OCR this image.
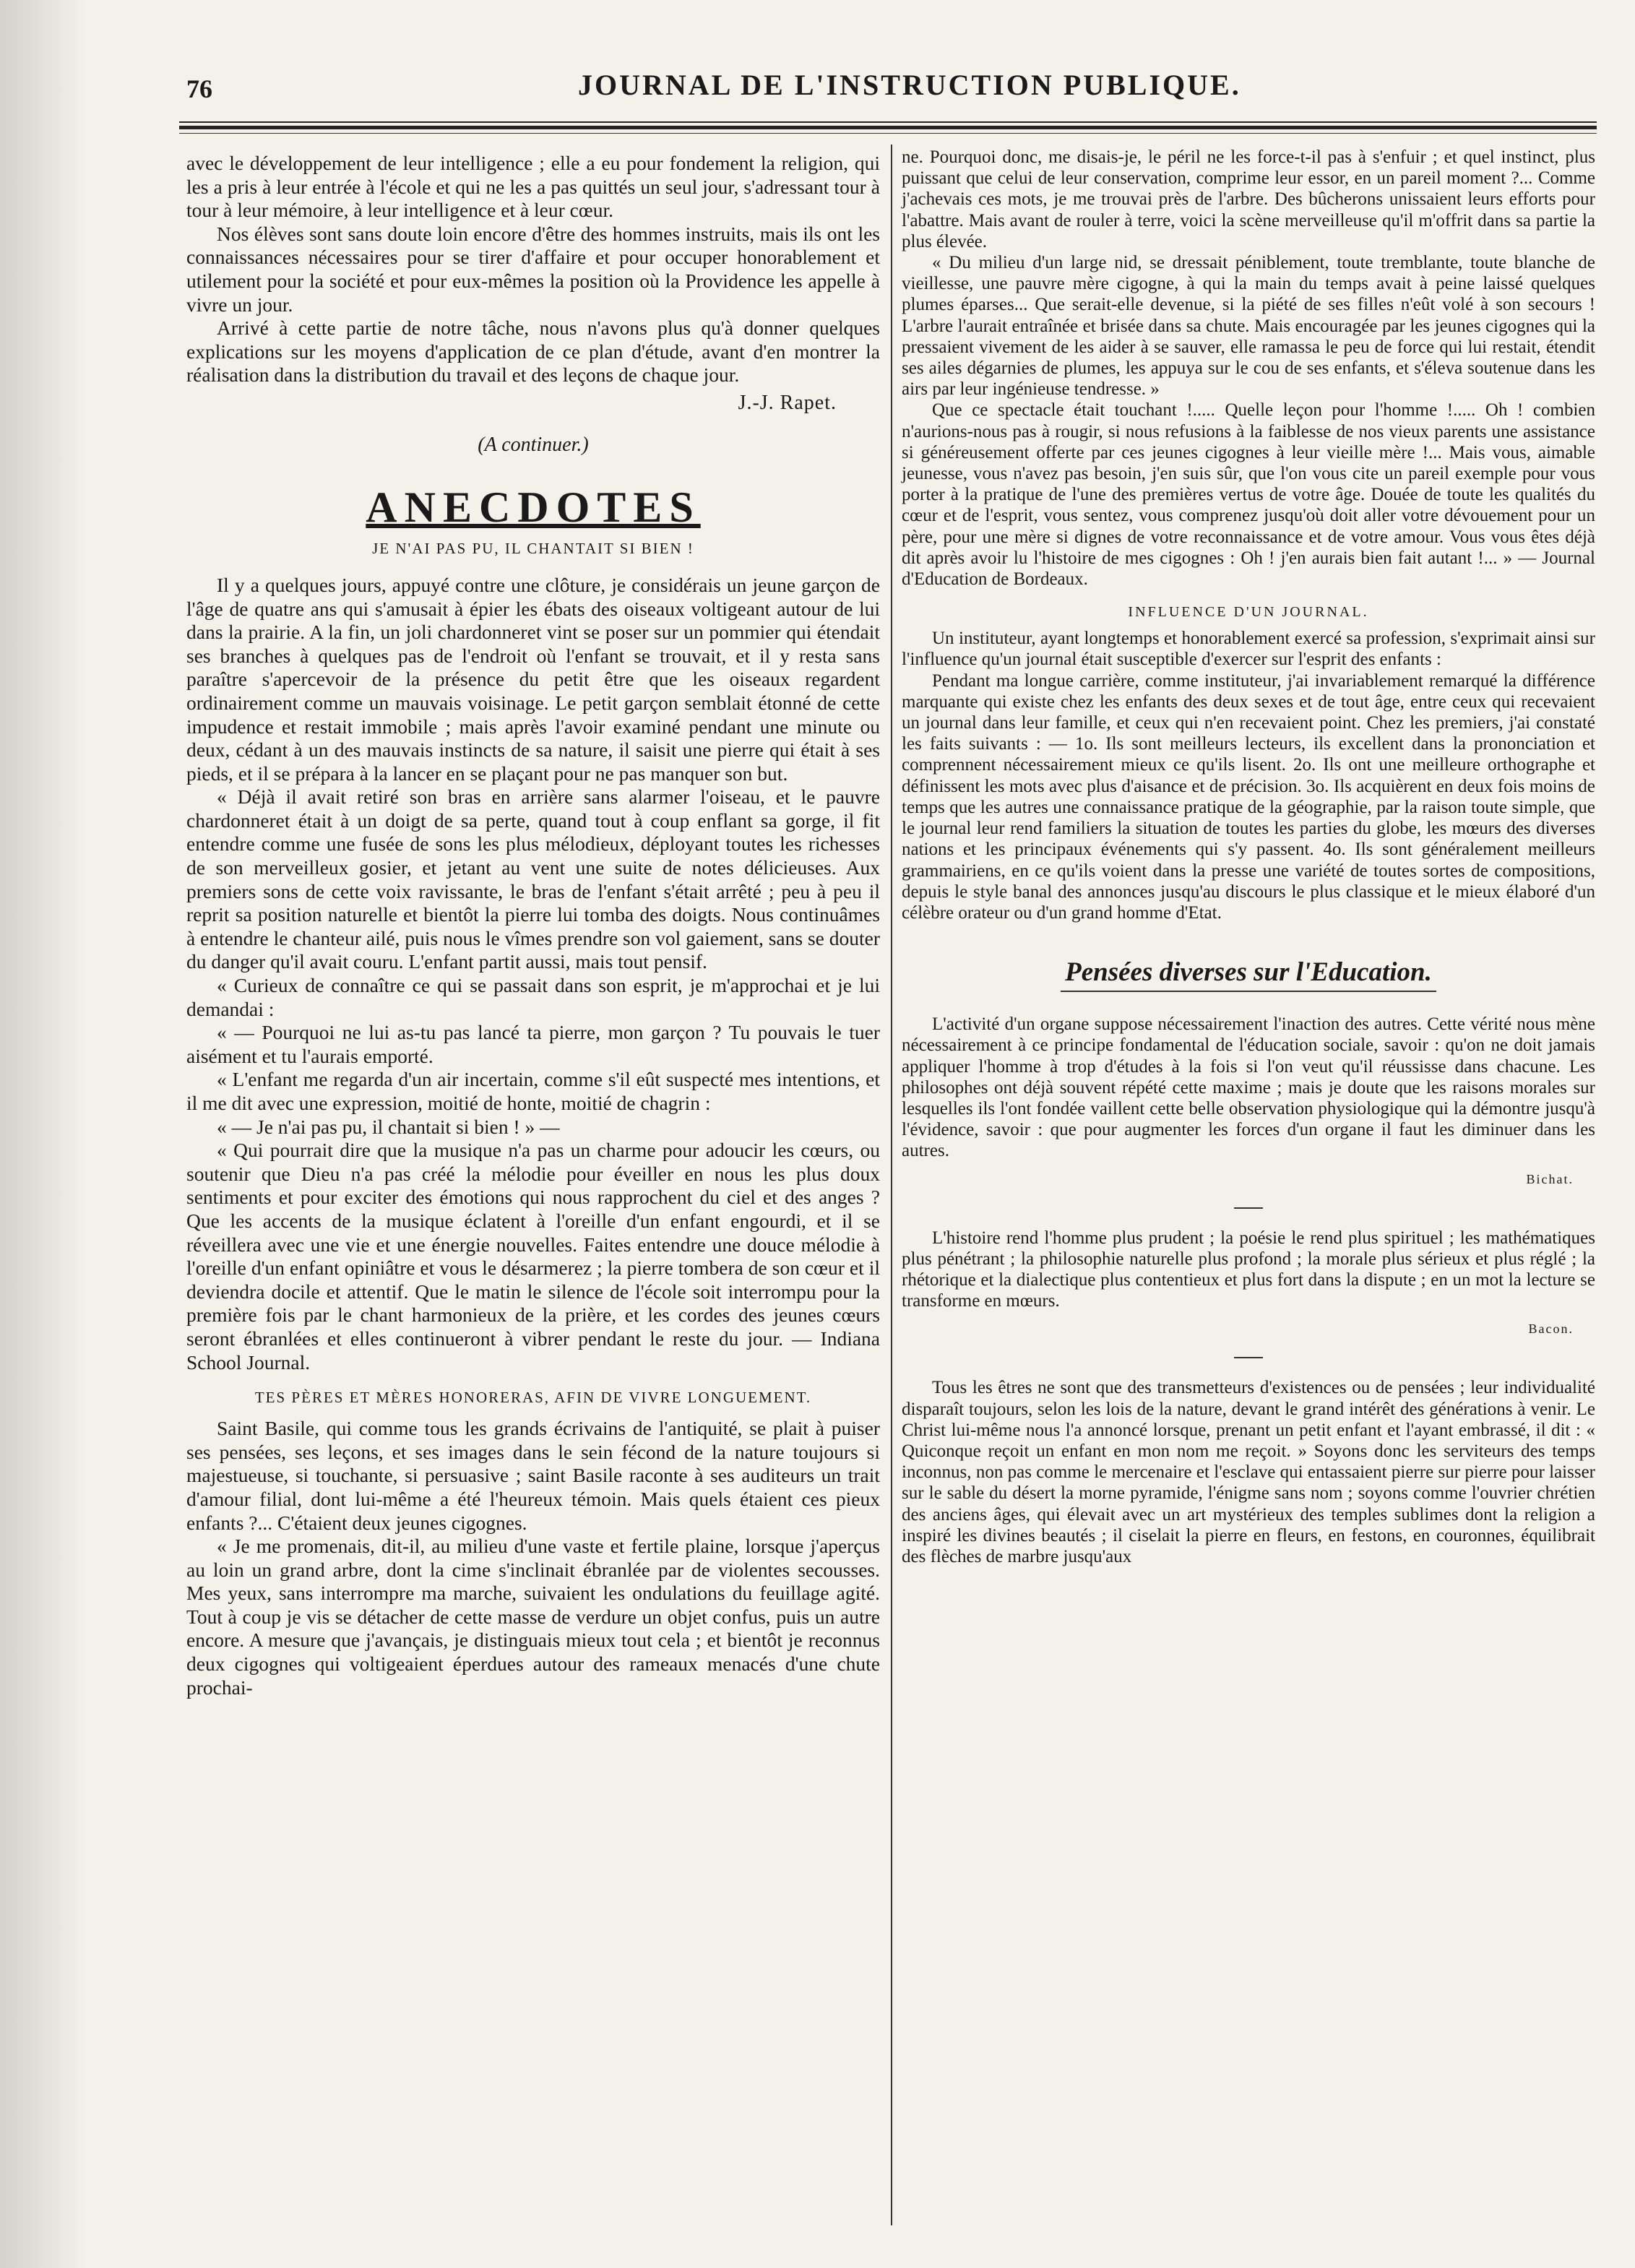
76	JOURNAL DE L'INSTRUCTION PUBLIQUE.

avec le développement de leur intelligence ; elle a eu pour fondement la religion, qui les a pris à leur entrée à l'école et qui ne les a pas quittés un seul jour, s'adressant tour à tour à leur mémoire, à leur intelligence et à leur cœur.

Nos élèves sont sans doute loin encore d'être des hommes instruits, mais ils ont les connaissances nécessaires pour se tirer d'affaire et pour occuper honorablement et utilement pour la société et pour eux-mêmes la position où la Providence les appelle à vivre un jour.

Arrivé à cette partie de notre tâche, nous n'avons plus qu'à donner quelques explications sur les moyens d'application de ce plan d'étude, avant d'en montrer la réalisation dans la distribution du travail et des leçons de chaque jour.

J.-J. Rapet.
(A continuer.)
ANECDOTES
JE N'AI PAS PU, IL CHANTAIT SI BIEN !

Il y a quelques jours, appuyé contre une clôture, je considérais un jeune garçon de l'âge de quatre ans qui s'amusait à épier les ébats des oiseaux voltigeant autour de lui dans la prairie. A la fin, un joli chardonneret vint se poser sur un pommier qui étendait ses branches à quelques pas de l'endroit où l'enfant se trouvait, et il y resta sans paraître s'apercevoir de la présence du petit être que les oiseaux regardent ordinairement comme un mauvais voisinage. Le petit garçon semblait étonné de cette impudence et restait immobile ; mais après l'avoir examiné pendant une minute ou deux, cédant à un des mauvais instincts de sa nature, il saisit une pierre qui était à ses pieds, et il se prépara à la lancer en se plaçant pour ne pas manquer son but.

« Déjà il avait retiré son bras en arrière sans alarmer l'oiseau, et le pauvre chardonneret était à un doigt de sa perte, quand tout à coup enflant sa gorge, il fit entendre comme une fusée de sons les plus mélodieux, déployant toutes les richesses de son merveilleux gosier, et jetant au vent une suite de notes délicieuses. Aux premiers sons de cette voix ravissante, le bras de l'enfant s'était arrêté ; peu à peu il reprit sa position naturelle et bientôt la pierre lui tomba des doigts. Nous continuâmes à entendre le chanteur ailé, puis nous le vîmes prendre son vol gaiement, sans se douter du danger qu'il avait couru. L'enfant partit aussi, mais tout pensif.

« Curieux de connaître ce qui se passait dans son esprit, je m'approchai et je lui demandai :

« — Pourquoi ne lui as-tu pas lancé ta pierre, mon garçon ? Tu pouvais le tuer aisément et tu l'aurais emporté.

« L'enfant me regarda d'un air incertain, comme s'il eût suspecté mes intentions, et il me dit avec une expression, moitié de honte, moitié de chagrin :

« — Je n'ai pas pu, il chantait si bien ! » —

« Qui pourrait dire que la musique n'a pas un charme pour adoucir les cœurs, ou soutenir que Dieu n'a pas créé la mélodie pour éveiller en nous les plus doux sentiments et pour exciter des émotions qui nous rapprochent du ciel et des anges ? Que les accents de la musique éclatent à l'oreille d'un enfant engourdi, et il se réveillera avec une vie et une énergie nouvelles. Faites entendre une douce mélodie à l'oreille d'un enfant opiniâtre et vous le désarmerez ; la pierre tombera de son cœur et il deviendra docile et attentif. Que le matin le silence de l'école soit interrompu pour la première fois par le chant harmonieux de la prière, et les cordes des jeunes cœurs seront ébranlées et elles continueront à vibrer pendant le reste du jour. — Indiana School Journal.

TES PÈRES ET MÈRES HONORERAS, AFIN DE VIVRE LONGUEMENT.

Saint Basile, qui comme tous les grands écrivains de l'antiquité, se plait à puiser ses pensées, ses leçons, et ses images dans le sein fécond de la nature toujours si majestueuse, si touchante, si persuasive ; saint Basile raconte à ses auditeurs un trait d'amour filial, dont lui-même a été l'heureux témoin. Mais quels étaient ces pieux enfants ?... C'étaient deux jeunes cigognes.

« Je me promenais, dit-il, au milieu d'une vaste et fertile plaine, lorsque j'aperçus au loin un grand arbre, dont la cime s'inclinait ébranlée par de violentes secousses. Mes yeux, sans interrompre ma marche, suivaient les ondulations du feuillage agité. Tout à coup je vis se détacher de cette masse de verdure un objet confus, puis un autre encore. A mesure que j'avançais, je distinguais mieux tout cela ; et bientôt je reconnus deux cigognes qui voltigeaient éperdues autour des rameaux menacés d'une chute prochai-

ne. Pourquoi donc, me disais-je, le péril ne les force-t-il pas à s'enfuir ; et quel instinct, plus puissant que celui de leur conservation, comprime leur essor, en un pareil moment ?... Comme j'achevais ces mots, je me trouvai près de l'arbre. Des bûcherons unissaient leurs efforts pour l'abattre. Mais avant de rouler à terre, voici la scène merveilleuse qu'il m'offrit dans sa partie la plus élevée.

« Du milieu d'un large nid, se dressait péniblement, toute tremblante, toute blanche de vieillesse, une pauvre mère cigogne, à qui la main du temps avait à peine laissé quelques plumes éparses... Que serait-elle devenue, si la piété de ses filles n'eût volé à son secours ! L'arbre l'aurait entraînée et brisée dans sa chute. Mais encouragée par les jeunes cigognes qui la pressaient vivement de les aider à se sauver, elle ramassa le peu de force qui lui restait, étendit ses ailes dégarnies de plumes, les appuya sur le cou de ses enfants, et s'éleva soutenue dans les airs par leur ingénieuse tendresse. »

Que ce spectacle était touchant !..... Quelle leçon pour l'homme !..... Oh ! combien n'aurions-nous pas à rougir, si nous refusions à la faiblesse de nos vieux parents une assistance si généreusement offerte par ces jeunes cigognes à leur vieille mère !... Mais vous, aimable jeunesse, vous n'avez pas besoin, j'en suis sûr, que l'on vous cite un pareil exemple pour vous porter à la pratique de l'une des premières vertus de votre âge. Douée de toute les qualités du cœur et de l'esprit, vous sentez, vous comprenez jusqu'où doit aller votre dévouement pour un père, pour une mère si dignes de votre reconnaissance et de votre amour. Vous vous êtes déjà dit après avoir lu l'histoire de mes cigognes : Oh ! j'en aurais bien fait autant !... » — Journal d'Education de Bordeaux.

INFLUENCE D'UN JOURNAL.

Un instituteur, ayant longtemps et honorablement exercé sa profession, s'exprimait ainsi sur l'influence qu'un journal était susceptible d'exercer sur l'esprit des enfants :

Pendant ma longue carrière, comme instituteur, j'ai invariablement remarqué la différence marquante qui existe chez les enfants des deux sexes et de tout âge, entre ceux qui recevaient un journal dans leur famille, et ceux qui n'en recevaient point. Chez les premiers, j'ai constaté les faits suivants : — 1o. Ils sont meilleurs lecteurs, ils excellent dans la prononciation et comprennent nécessairement mieux ce qu'ils lisent. 2o. Ils ont une meilleure orthographe et définissent les mots avec plus d'aisance et de précision. 3o. Ils acquièrent en deux fois moins de temps que les autres une connaissance pratique de la géographie, par la raison toute simple, que le journal leur rend familiers la situation de toutes les parties du globe, les mœurs des diverses nations et les principaux événements qui s'y passent. 4o. Ils sont généralement meilleurs grammairiens, en ce qu'ils voient dans la presse une variété de toutes sortes de compositions, depuis le style banal des annonces jusqu'au discours le plus classique et le mieux élaboré d'un célèbre orateur ou d'un grand homme d'Etat.

Pensées diverses sur l'Education.

L'activité d'un organe suppose nécessairement l'inaction des autres. Cette vérité nous mène nécessairement à ce principe fondamental de l'éducation sociale, savoir : qu'on ne doit jamais appliquer l'homme à trop d'études à la fois si l'on veut qu'il réussisse dans chacune. Les philosophes ont déjà souvent répété cette maxime ; mais je doute que les raisons morales sur lesquelles ils l'ont fondée vaillent cette belle observation physiologique qui la démontre jusqu'à l'évidence, savoir : que pour augmenter les forces d'un organe il faut les diminuer dans les autres.

Bichat.

L'histoire rend l'homme plus prudent ; la poésie le rend plus spirituel ; les mathématiques plus pénétrant ; la philosophie naturelle plus profond ; la morale plus sérieux et plus réglé ; la rhétorique et la dialectique plus contentieux et plus fort dans la dispute ; en un mot la lecture se transforme en mœurs.

Bacon.

Tous les êtres ne sont que des transmetteurs d'existences ou de pensées ; leur individualité disparaît toujours, selon les lois de la nature, devant le grand intérêt des générations à venir. Le Christ lui-même nous l'a annoncé lorsque, prenant un petit enfant et l'ayant embrassé, il dit : « Quiconque reçoit un enfant en mon nom me reçoit. » Soyons donc les serviteurs des temps inconnus, non pas comme le mercenaire et l'esclave qui entassaient pierre sur pierre pour laisser sur le sable du désert la morne pyramide, l'énigme sans nom ; soyons comme l'ouvrier chrétien des anciens âges, qui élevait avec un art mystérieux des temples sublimes dont la religion a inspiré les divines beautés ; il ciselait la pierre en fleurs, en festons, en couronnes, équilibrait des flèches de marbre jusqu'aux
